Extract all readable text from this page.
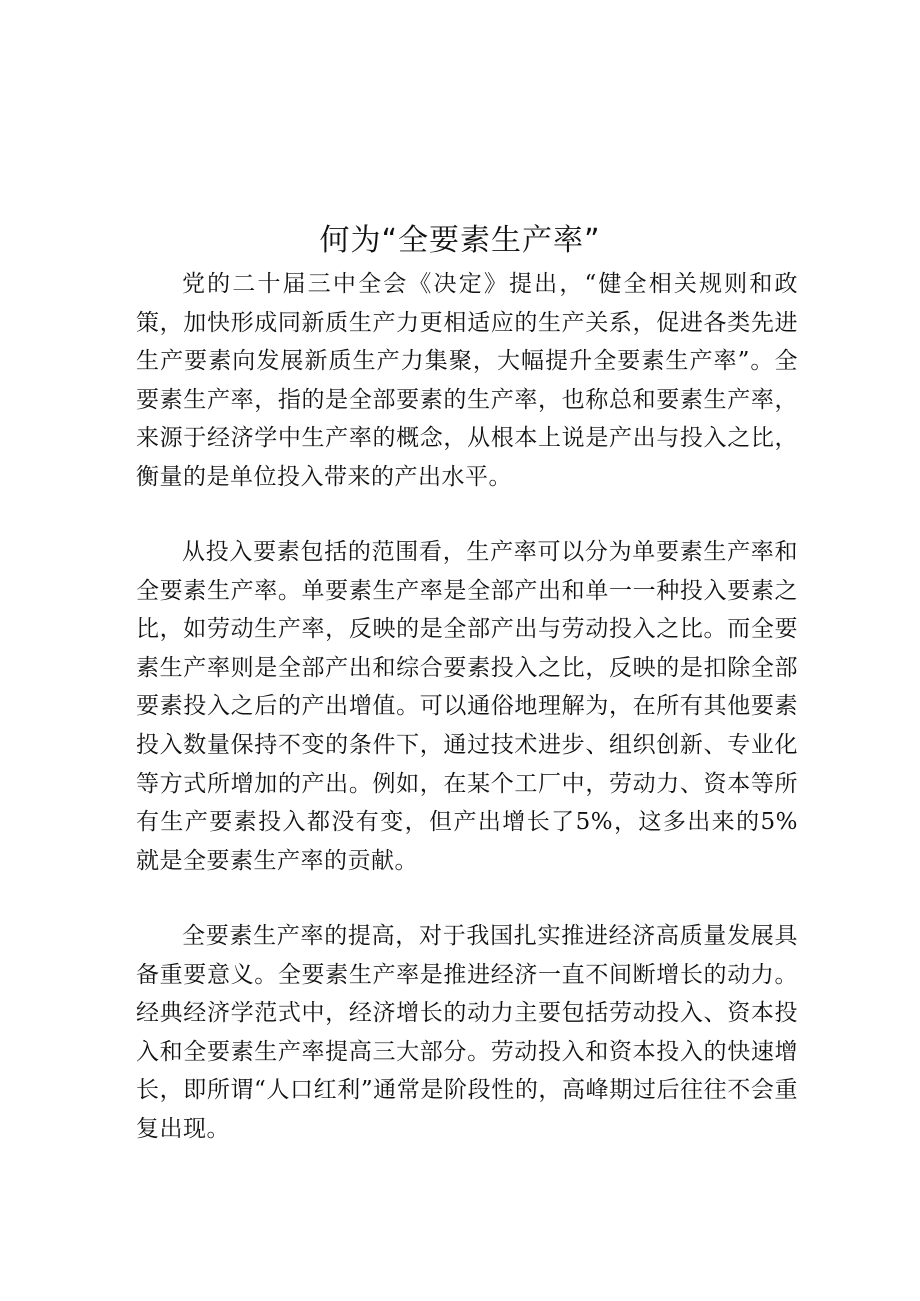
何为“全要素生产率”

党的二十届三中全会《决定》提出，“健全相关规则和政策，加快形成同新质生产力更相适应的生产关系，促进各类先进生产要素向发展新质生产力集聚，大幅提升全要素生产率”。全要素生产率，指的是全部要素的生产率，也称总和要素生产率，来源于经济学中生产率的概念，从根本上说是产出与投入之比，衡量的是单位投入带来的产出水平。

从投入要素包括的范围看，生产率可以分为单要素生产率和全要素生产率。单要素生产率是全部产出和单一一种投入要素之比，如劳动生产率，反映的是全部产出与劳动投入之比。而全要素生产率则是全部产出和综合要素投入之比，反映的是扣除全部要素投入之后的产出增值。可以通俗地理解为，在所有其他要素投入数量保持不变的条件下，通过技术进步、组织创新、专业化等方式所增加的产出。例如，在某个工厂中，劳动力、资本等所有生产要素投入都没有变，但产出增长了5%，这多出来的5%就是全要素生产率的贡献。

全要素生产率的提高，对于我国扎实推进经济高质量发展具备重要意义。全要素生产率是推进经济一直不间断增长的动力。经典经济学范式中，经济增长的动力主要包括劳动投入、资本投入和全要素生产率提高三大部分。劳动投入和资本投入的快速增长，即所谓“人口红利”通常是阶段性的，高峰期过后往往不会重复出现。
